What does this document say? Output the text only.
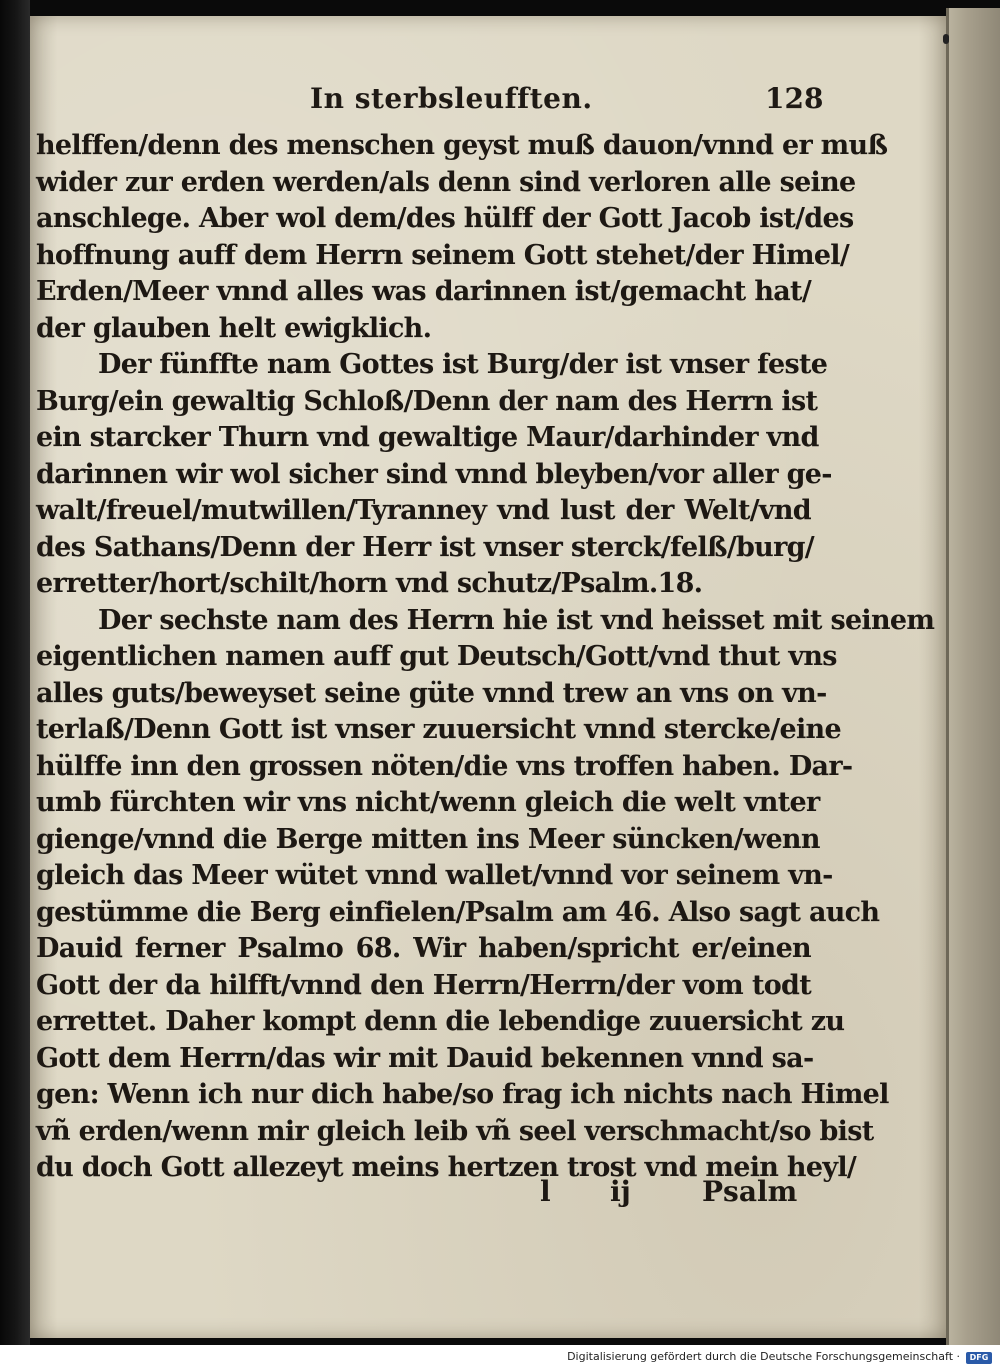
In sterbsleufften.	128
helffen/denn des menschen geyst muß dauon/vnnd er muß
wider zur erden werden/als denn sind verloren alle seine
anschlege. Aber wol dem/des hülff der Gott Jacob ist/des
hoffnung auff dem Herrn seinem Gott stehet/der Himel/
Erden/Meer vnnd alles was darinnen ist/gemacht hat/
der glauben helt ewigklich.
Der fünffte nam Gottes ist Burg/der ist vnser feste
Burg/ein gewaltig Schloß/Denn der nam des Herrn ist
ein starcker Thurn vnd gewaltige Maur/darhinder vnd
darinnen wir wol sicher sind vnnd bleyben/vor aller ge-
walt/freuel/mutwillen/Tyranney vnd lust der Welt/vnd
des Sathans/Denn der Herr ist vnser sterck/felß/burg/
erretter/hort/schilt/horn vnd schutz/Psalm.18.
Der sechste nam des Herrn hie ist vnd heisset mit seinem
eigentlichen namen auff gut Deutsch/Gott/vnd thut vns
alles guts/beweyset seine güte vnnd trew an vns on vn-
terlaß/Denn Gott ist vnser zuuersicht vnnd stercke/eine
hülffe inn den grossen nöten/die vns troffen haben. Dar-
umb fürchten wir vns nicht/wenn gleich die welt vnter
gienge/vnnd die Berge mitten ins Meer süncken/wenn
gleich das Meer wütet vnnd wallet/vnnd vor seinem vn-
gestümme die Berg einfielen/Psalm am 46. Also sagt auch
Dauid ferner Psalmo 68. Wir haben/spricht er/einen
Gott der da hilfft/vnnd den Herrn/Herrn/der vom todt
errettet. Daher kompt denn die lebendige zuuersicht zu
Gott dem Herrn/das wir mit Dauid bekennen vnnd sa-
gen: Wenn ich nur dich habe/so frag ich nichts nach Himel
vñ erden/wenn mir gleich leib vñ seel verschmacht/so bist
du doch Gott allezeyt meins hertzen trost vnd mein heyl/
l ij	Psalm
Digitalisierung gefördert durch die Deutsche Forschungsgemeinschaft ·	DFG
